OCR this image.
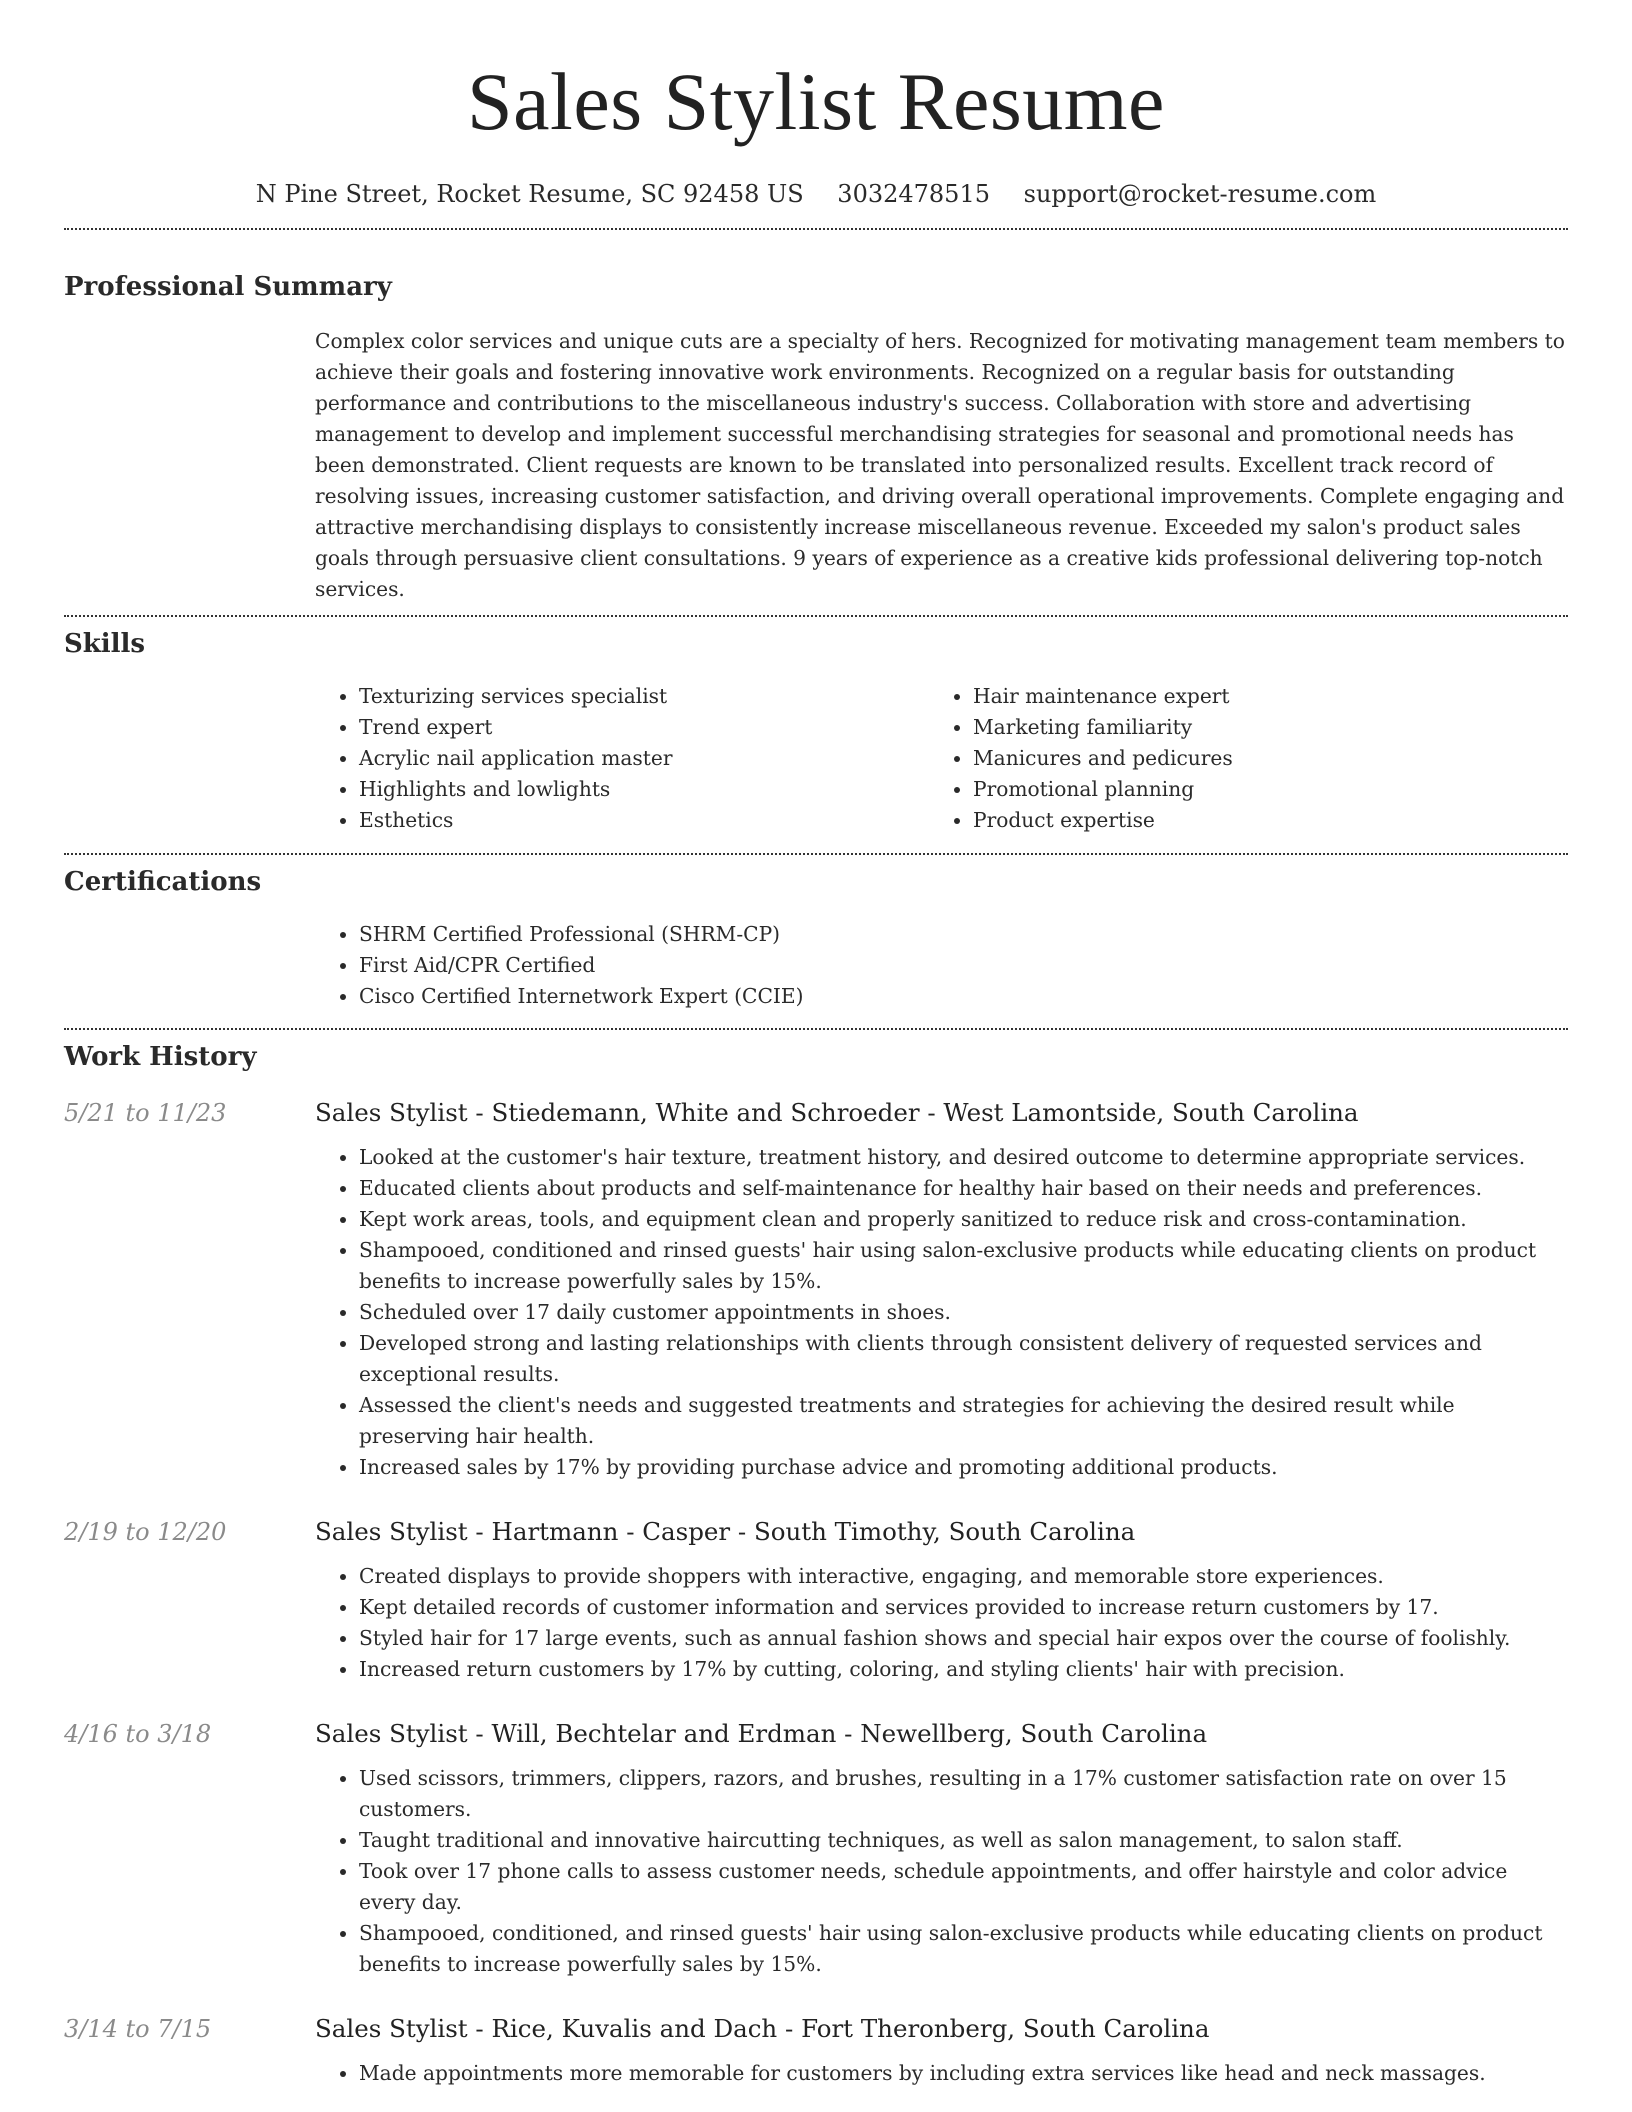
Sales Stylist Resume
N Pine Street, Rocket Resume, SC 92458 US 3032478515 support@rocket-resume.com
Professional Summary

Complex color services and unique cuts are a specialty of hers. Recognized for motivating management team members to achieve their goals and fostering innovative work environments. Recognized on a regular basis for outstanding performance and contributions to the miscellaneous industry's success. Collaboration with store and advertising management to develop and implement successful merchandising strategies for seasonal and promotional needs has been demonstrated. Client requests are known to be translated into personalized results. Excellent track record of resolving issues, increasing customer satisfaction, and driving overall operational improvements. Complete engaging and attractive merchandising displays to consistently increase miscellaneous revenue. Exceeded my salon's product sales goals through persuasive client consultations. 9 years of experience as a creative kids professional delivering top-notch services.

Skills
• Texturizing services specialist
• Trend expert
• Acrylic nail application master
• Highlights and lowlights
• Esthetics
• Hair maintenance expert
• Marketing familiarity
• Manicures and pedicures
• Promotional planning
• Product expertise
Certifications
• SHRM Certified Professional (SHRM-CP)
• First Aid/CPR Certified
• Cisco Certified Internetwork Expert (CCIE)
Work History
5/21 to 11/23	Sales Stylist - Stiedemann, White and Schroeder - West Lamontside, South Carolina
• Looked at the customer's hair texture, treatment history, and desired outcome to determine appropriate services.
• Educated clients about products and self-maintenance for healthy hair based on their needs and preferences.
• Kept work areas, tools, and equipment clean and properly sanitized to reduce risk and cross-contamination.
• Shampooed, conditioned and rinsed guests' hair using salon-exclusive products while educating clients on product benefits to increase powerfully sales by 15%.
• Scheduled over 17 daily customer appointments in shoes.
• Developed strong and lasting relationships with clients through consistent delivery of requested services and exceptional results.
• Assessed the client's needs and suggested treatments and strategies for achieving the desired result while preserving hair health.
• Increased sales by 17% by providing purchase advice and promoting additional products.
2/19 to 12/20	Sales Stylist - Hartmann - Casper - South Timothy, South Carolina
• Created displays to provide shoppers with interactive, engaging, and memorable store experiences.
• Kept detailed records of customer information and services provided to increase return customers by 17.
• Styled hair for 17 large events, such as annual fashion shows and special hair expos over the course of foolishly.
• Increased return customers by 17% by cutting, coloring, and styling clients' hair with precision.
4/16 to 3/18	Sales Stylist - Will, Bechtelar and Erdman - Newellberg, South Carolina
• Used scissors, trimmers, clippers, razors, and brushes, resulting in a 17% customer satisfaction rate on over 15 customers.
• Taught traditional and innovative haircutting techniques, as well as salon management, to salon staff.
• Took over 17 phone calls to assess customer needs, schedule appointments, and offer hairstyle and color advice every day.
• Shampooed, conditioned, and rinsed guests' hair using salon-exclusive products while educating clients on product benefits to increase powerfully sales by 15%.
3/14 to 7/15	Sales Stylist - Rice, Kuvalis and Dach - Fort Theronberg, South Carolina
• Made appointments more memorable for customers by including extra services like head and neck massages.
